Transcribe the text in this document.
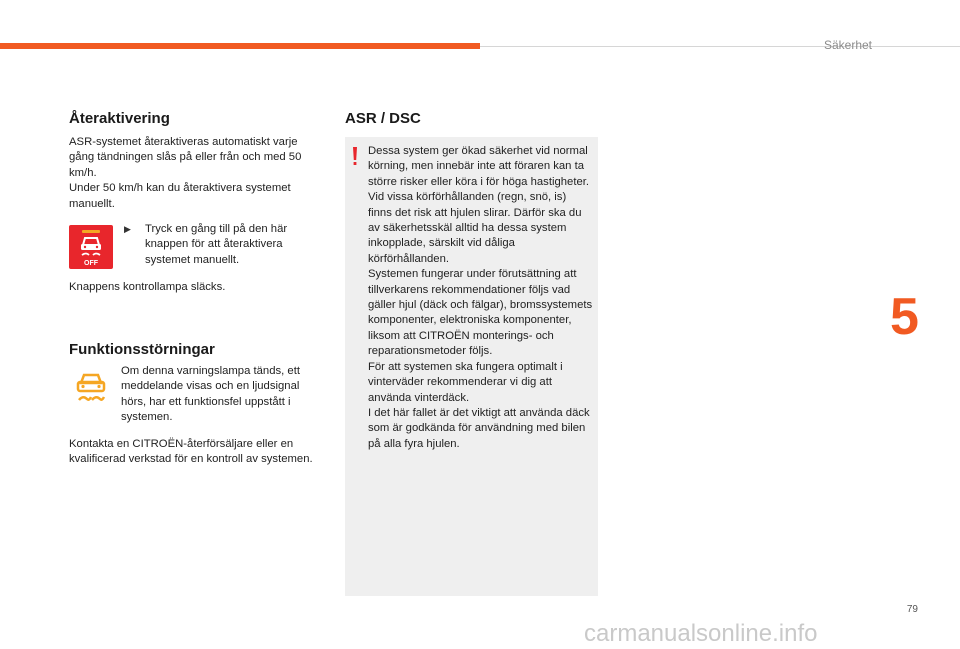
Säkerhet
5
79
Återaktivering

ASR-systemet återaktiveras automatiskt varje gång tändningen slås på eller från och med 50 km/h.
Under 50 km/h kan du återaktivera systemet manuellt.

OFF
▶ Tryck en gång till på den här knappen för att återaktivera systemet manuellt.

Knappens kontrollampa släcks.

Funktionsstörningar

Om denna varningslampa tänds, ett meddelande visas och en ljudsignal hörs, har ett funktionsfel uppstått i systemen.

Kontakta en CITROËN-återförsäljare eller en kvalificerad verkstad för en kontroll av systemen.

ASR / DSC

Dessa system ger ökad säkerhet vid normal körning, men innebär inte att föraren kan ta större risker eller köra i för höga hastigheter.
Vid vissa körförhållanden (regn, snö, is) finns det risk att hjulen slirar. Därför ska du av säkerhetsskäl alltid ha dessa system inkopplade, särskilt vid dåliga körförhållanden.
Systemen fungerar under förutsättning att tillverkarens rekommendationer följs vad gäller hjul (däck och fälgar), bromssystemets komponenter, elektroniska komponenter, liksom att CITROËN monterings- och reparationsmetoder följs.
För att systemen ska fungera optimalt i vinterväder rekommenderar vi dig att använda vinterdäck.
I det här fallet är det viktigt att använda däck som är godkända för användning med bilen på alla fyra hjulen.

carmanualsonline.info
